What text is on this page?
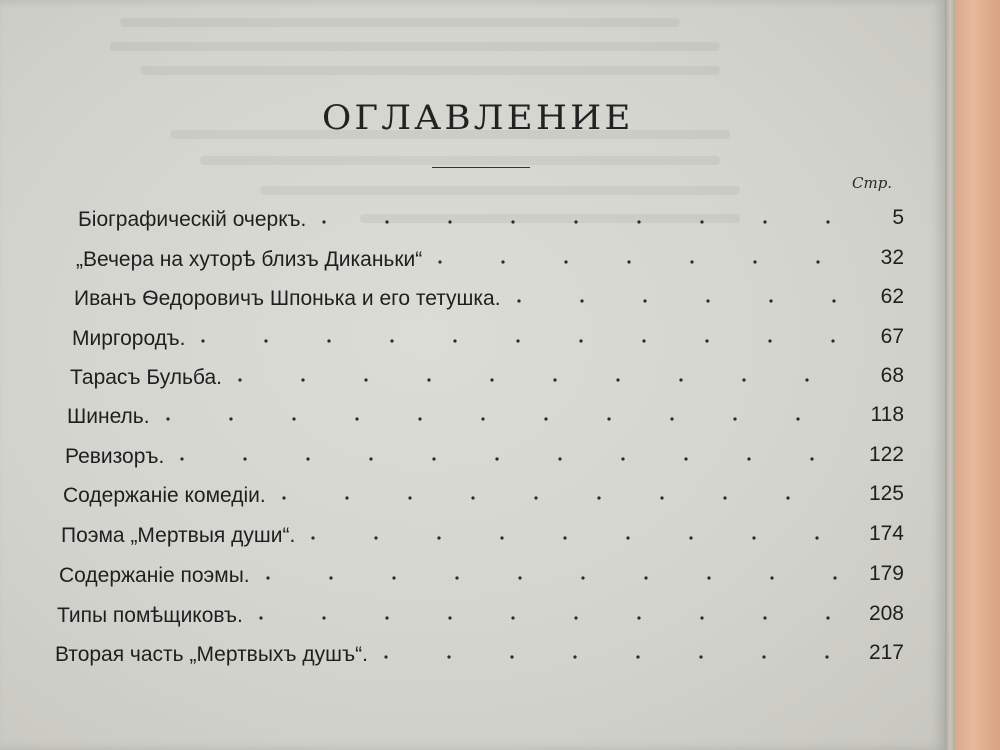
ОГЛАВЛЕНИЕ
Стр.
Біографическій очеркъ.	5
„Вечера на хуторѣ близъ Диканьки“	32
Иванъ Ѳедоровичъ Шпонька и его тетушка.	62
Миргородъ.	67
Тарасъ Бульба.	68
Шинель.	118
Ревизоръ.	122
Содержаніе комедіи.	125
Поэма „Мертвыя души“.	174
Содержаніе поэмы.	179
Типы помѣщиковъ.	208
Вторая часть „Мертвыхъ душъ“.	217
